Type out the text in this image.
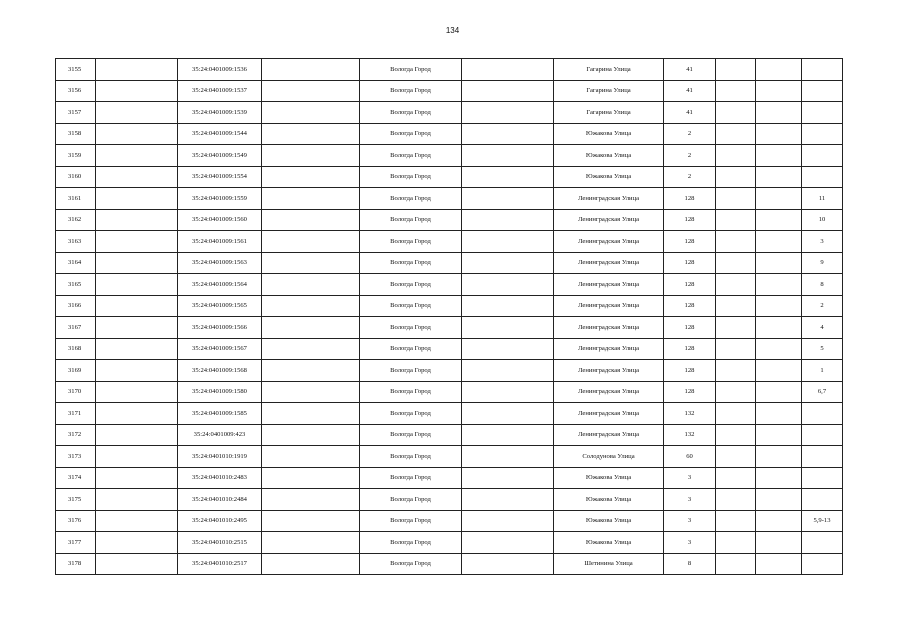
134
3155		35:24:0401009:1536		Вологда Город		Гагарина Улица	41			
3156		35:24:0401009:1537		Вологда Город		Гагарина Улица	41			
3157		35:24:0401009:1539		Вологда Город		Гагарина Улица	41			
3158		35:24:0401009:1544		Вологда Город		Южакова Улица	2			
3159		35:24:0401009:1549		Вологда Город		Южакова Улица	2			
3160		35:24:0401009:1554		Вологда Город		Южакова Улица	2			
3161		35:24:0401009:1559		Вологда Город		Ленинградская Улица	128			11
3162		35:24:0401009:1560		Вологда Город		Ленинградская Улица	128			10
3163		35:24:0401009:1561		Вологда Город		Ленинградская Улица	128			3
3164		35:24:0401009:1563		Вологда Город		Ленинградская Улица	128			9
3165		35:24:0401009:1564		Вологда Город		Ленинградская Улица	128			8
3166		35:24:0401009:1565		Вологда Город		Ленинградская Улица	128			2
3167		35:24:0401009:1566		Вологда Город		Ленинградская Улица	128			4
3168		35:24:0401009:1567		Вологда Город		Ленинградская Улица	128			5
3169		35:24:0401009:1568		Вологда Город		Ленинградская Улица	128			1
3170		35:24:0401009:1580		Вологда Город		Ленинградская Улица	128			6,7
3171		35:24:0401009:1585		Вологда Город		Ленинградская Улица	132			
3172		35:24:0401009:423		Вологда Город		Ленинградская Улица	132			
3173		35:24:0401010:1919		Вологда Город		Солодунова Улица	60			
3174		35:24:0401010:2483		Вологда Город		Южакова Улица	3			
3175		35:24:0401010:2484		Вологда Город		Южакова Улица	3			
3176		35:24:0401010:2495		Вологда Город		Южакова Улица	3			5,9-13
3177		35:24:0401010:2515		Вологда Город		Южакова Улица	3			
3178		35:24:0401010:2517		Вологда Город		Шетинина Улица	8			
